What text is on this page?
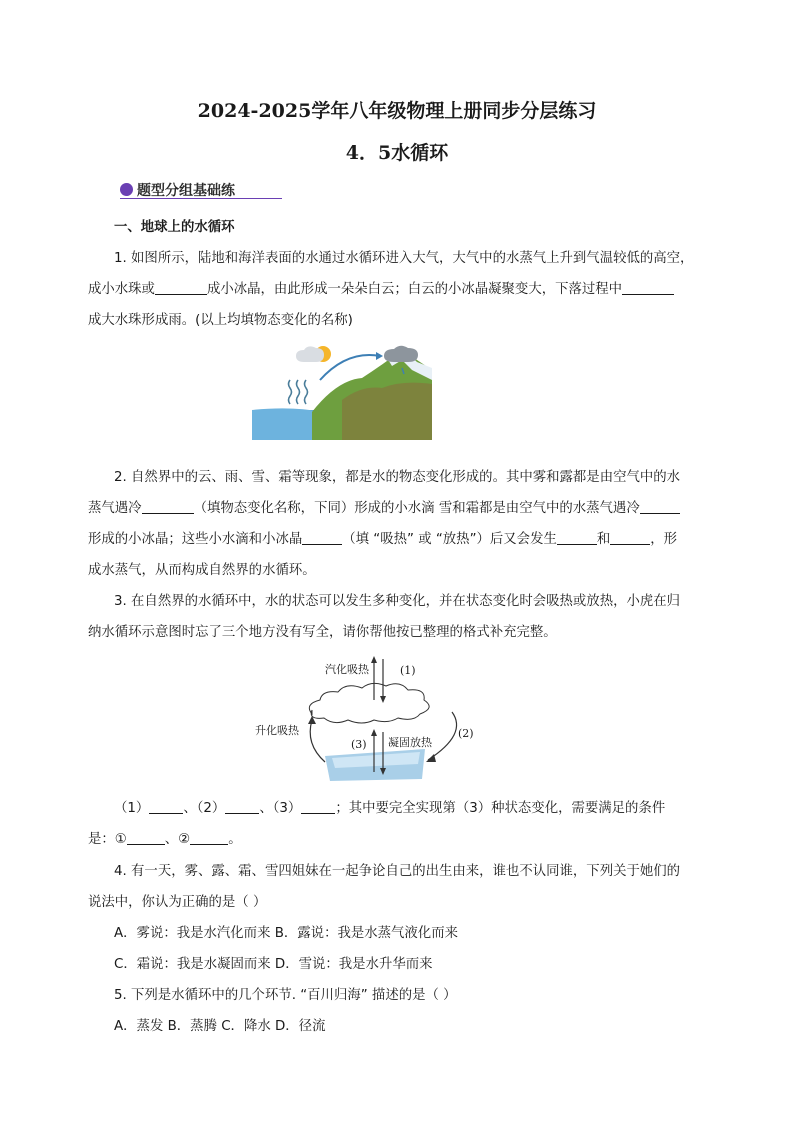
2024-2025学年八年级物理上册同步分层练习
4．5水循环
题型分组基础练

一、地球上的水循环

1. 如图所示，陆地和海洋表面的水通过水循环进入大气，大气中的水蒸气上升到气温较低的高空，

成小水珠或	成小冰晶，由此形成一朵朵白云；白云的小冰晶凝聚变大，下落过程中

成大水珠形成雨。(以上均填物态变化的名称)

2. 自然界中的云、雨、雪、霜等现象，都是水的物态变化形成的。其中雾和露都是由空气中的水

蒸气遇冷	（填物态变化名称，下同）形成的小水滴 雪和霜都是由空气中的水蒸气遇冷

形成的小冰晶；这些小水滴和小冰晶	（填 “吸热” 或 “放热”）后又会发生	和	，形

成水蒸气，从而构成自然界的水循环。

3. 在自然界的水循环中，水的状态可以发生多种变化，并在状态变化时会吸热或放热，小虎在归

纳水循环示意图时忘了三个地方没有写全，请你帮他按已整理的格式补充完整。

汽化吸热	(1)
升化吸热	(2)
(3) 凝固放热

（1）	、（2）	、（3）	；其中要完全实现第（3）种状态变化，需要满足的条件

是：①	、②	。

4. 有一天，雾、露、霜、雪四姐妹在一起争论自己的出生由来，谁也不认同谁，下列关于她们的

说法中，你认为正确的是（ ）

A．雾说：我是水汽化而来 B．露说：我是水蒸气液化而来

C．霜说：我是水凝固而来 D．雪说：我是水升华而来

5. 下列是水循环中的几个环节. “百川归海” 描述的是（ ）

A．蒸发 B．蒸腾 C．降水 D．径流
